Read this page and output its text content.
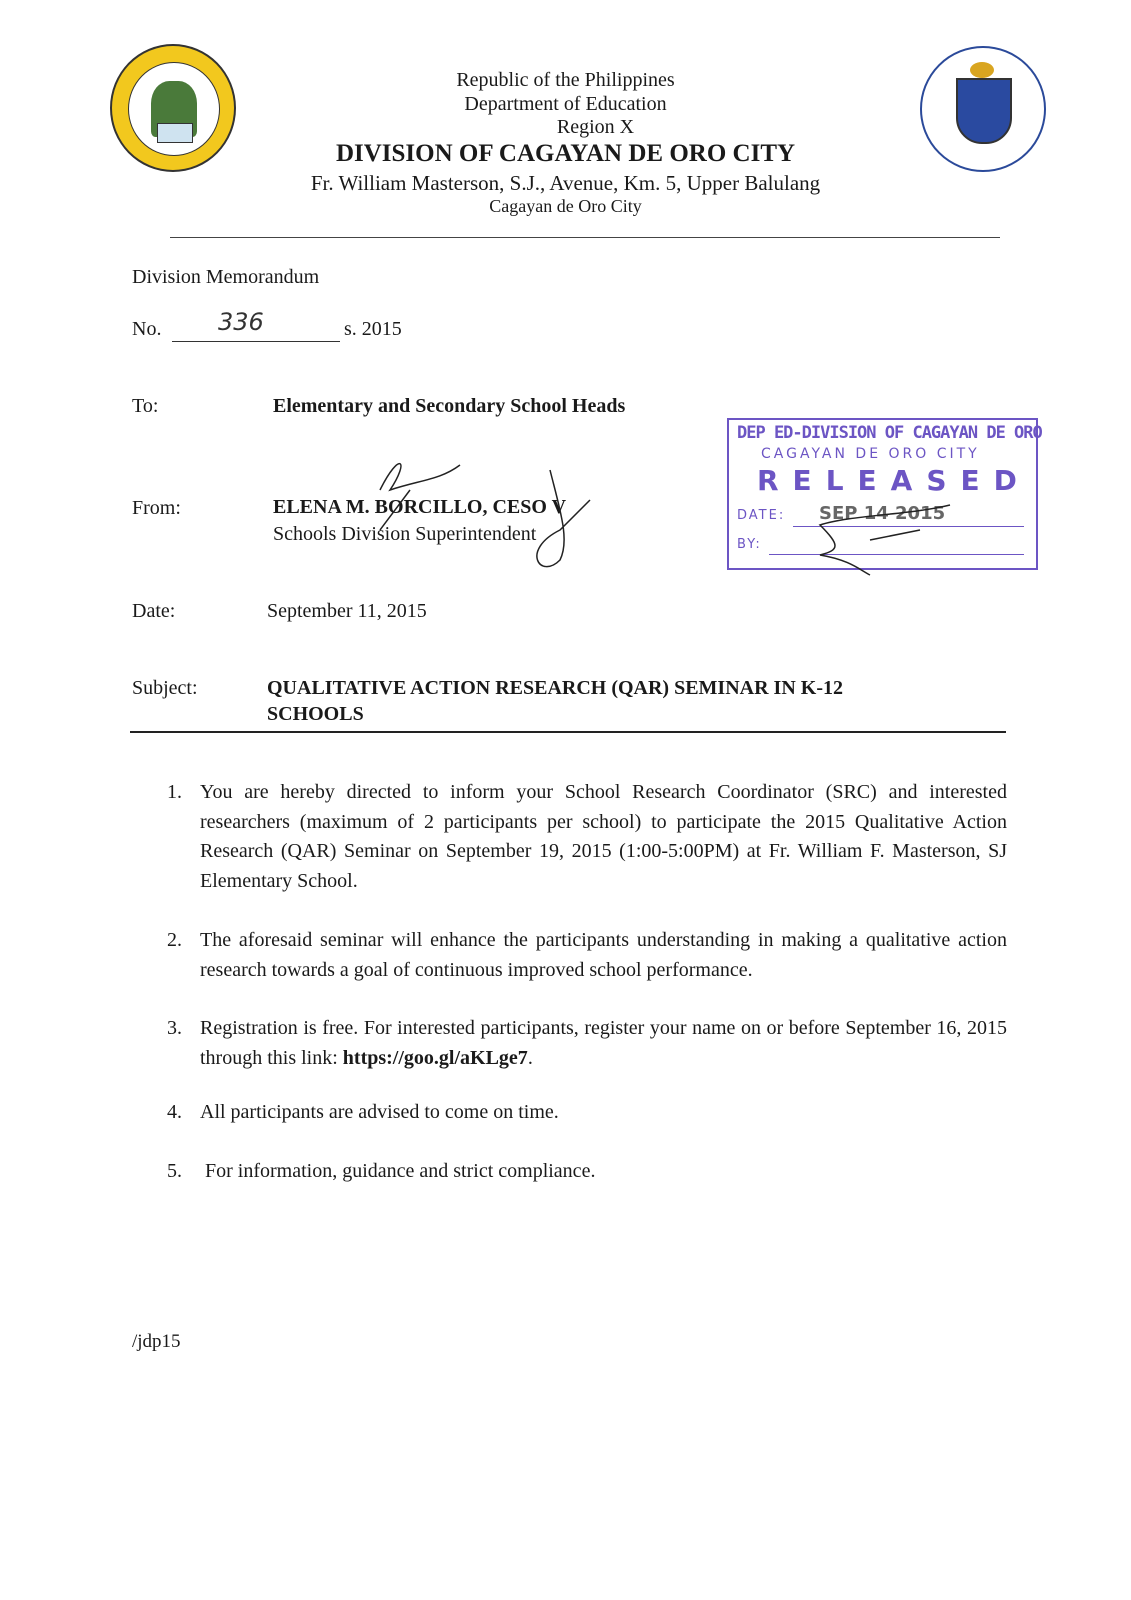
Republic of the Philippines
Department of Education
Region X
DIVISION OF CAGAYAN DE ORO CITY
Fr. William Masterson, S.J., Avenue, Km. 5, Upper Balulang
Cagayan de Oro City
Division Memorandum
No. 336	s. 2015
To:	Elementary and Secondary School Heads
From:	ELENA M. BORCILLO, CESO V
Schools Division Superintendent
Date:	September 11, 2015
Subject:	QUALITATIVE ACTION RESEARCH (QAR) SEMINAR IN K-12
SCHOOLS
DEP ED-DIVISION OF CAGAYAN DE ORO
CAGAYAN DE ORO CITY
RELEASED
DATE: SEP 14 2015
BY:
1. You are hereby directed to inform your School Research Coordinator (SRC) and interested researchers (maximum of 2 participants per school) to participate the 2015 Qualitative Action Research (QAR) Seminar on September 19, 2015 (1:00-5:00PM) at Fr. William F. Masterson, SJ Elementary School.
2. The aforesaid seminar will enhance the participants understanding in making a qualitative action research towards a goal of continuous improved school performance.
3. Registration is free. For interested participants, register your name on or before September 16, 2015 through this link: https://goo.gl/aKLge7.
4. All participants are advised to come on time.
5. For information, guidance and strict compliance.
/jdp15
